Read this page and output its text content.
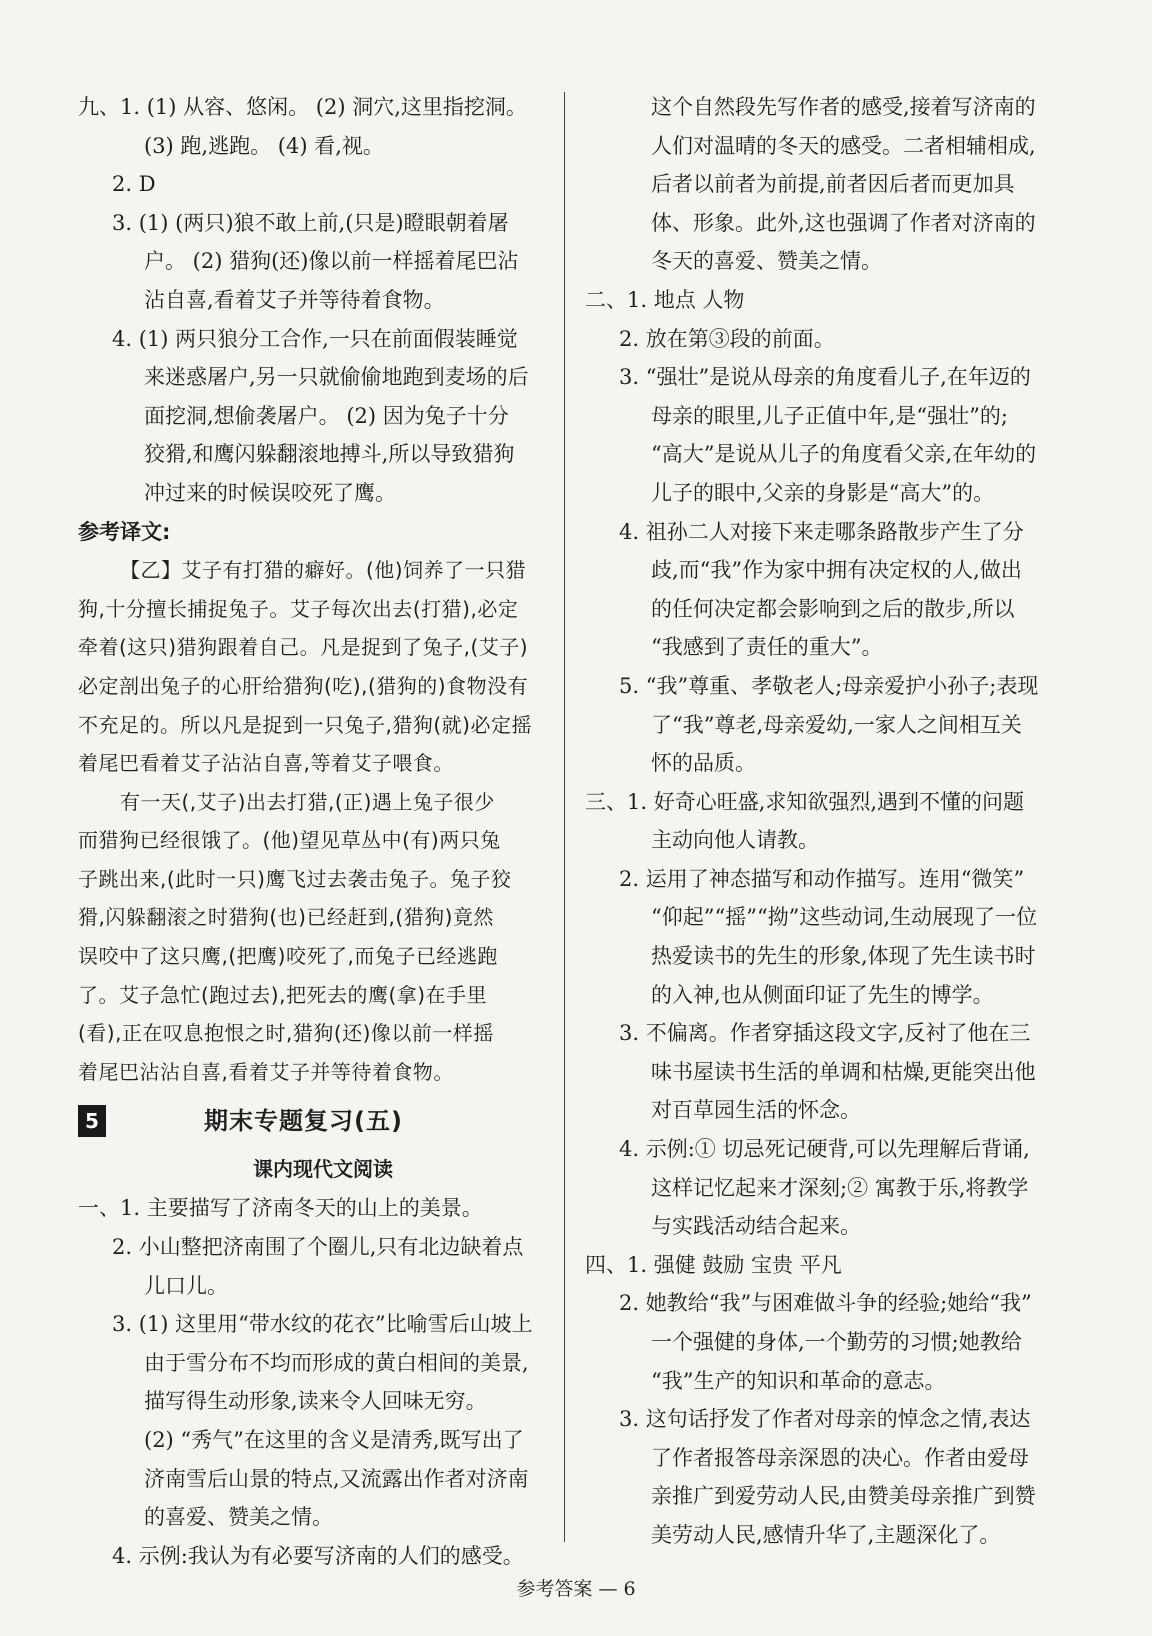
九、1. (1) 从容、悠闲。 (2) 洞穴,这里指挖洞。
(3) 跑,逃跑。 (4) 看,视。
2. D
3. (1) (两只)狼不敢上前,(只是)瞪眼朝着屠
户。 (2) 猎狗(还)像以前一样摇着尾巴沾
沾自喜,看着艾子并等待着食物。
4. (1) 两只狼分工合作,一只在前面假装睡觉
来迷惑屠户,另一只就偷偷地跑到麦场的后
面挖洞,想偷袭屠户。 (2) 因为兔子十分
狡猾,和鹰闪躲翻滚地搏斗,所以导致猎狗
冲过来的时候误咬死了鹰。
参考译文:
【乙】艾子有打猎的癖好。(他)饲养了一只猎
狗,十分擅长捕捉兔子。艾子每次出去(打猎),必定
牵着(这只)猎狗跟着自己。凡是捉到了兔子,(艾子)
必定剖出兔子的心肝给猎狗(吃),(猎狗的)食物没有
不充足的。所以凡是捉到一只兔子,猎狗(就)必定摇
着尾巴看着艾子沾沾自喜,等着艾子喂食。
有一天(,艾子)出去打猎,(正)遇上兔子很少
而猎狗已经很饿了。(他)望见草丛中(有)两只兔
子跳出来,(此时一只)鹰飞过去袭击兔子。兔子狡
猾,闪躲翻滚之时猎狗(也)已经赶到,(猎狗)竟然
误咬中了这只鹰,(把鹰)咬死了,而兔子已经逃跑
了。艾子急忙(跑过去),把死去的鹰(拿)在手里
(看),正在叹息抱恨之时,猎狗(还)像以前一样摇
着尾巴沾沾自喜,看着艾子并等待着食物。
5	期末专题复习(五)
课内现代文阅读
一、1. 主要描写了济南冬天的山上的美景。
2. 小山整把济南围了个圈儿,只有北边缺着点
儿口儿。
3. (1) 这里用“带水纹的花衣”比喻雪后山坡上
由于雪分布不均而形成的黄白相间的美景,
描写得生动形象,读来令人回味无穷。
(2) “秀气”在这里的含义是清秀,既写出了
济南雪后山景的特点,又流露出作者对济南
的喜爱、赞美之情。
4. 示例:我认为有必要写济南的人们的感受。
这个自然段先写作者的感受,接着写济南的
人们对温晴的冬天的感受。二者相辅相成,
后者以前者为前提,前者因后者而更加具
体、形象。此外,这也强调了作者对济南的
冬天的喜爱、赞美之情。
二、1. 地点 人物
2. 放在第③段的前面。
3. “强壮”是说从母亲的角度看儿子,在年迈的
母亲的眼里,儿子正值中年,是“强壮”的;
“高大”是说从儿子的角度看父亲,在年幼的
儿子的眼中,父亲的身影是“高大”的。
4. 祖孙二人对接下来走哪条路散步产生了分
歧,而“我”作为家中拥有决定权的人,做出
的任何决定都会影响到之后的散步,所以
“我感到了责任的重大”。
5. “我”尊重、孝敬老人;母亲爱护小孙子;表现
了“我”尊老,母亲爱幼,一家人之间相互关
怀的品质。
三、1. 好奇心旺盛,求知欲强烈,遇到不懂的问题
主动向他人请教。
2. 运用了神态描写和动作描写。连用“微笑”
“仰起”“摇”“拗”这些动词,生动展现了一位
热爱读书的先生的形象,体现了先生读书时
的入神,也从侧面印证了先生的博学。
3. 不偏离。作者穿插这段文字,反衬了他在三
味书屋读书生活的单调和枯燥,更能突出他
对百草园生活的怀念。
4. 示例:① 切忌死记硬背,可以先理解后背诵,
这样记忆起来才深刻;② 寓教于乐,将教学
与实践活动结合起来。
四、1. 强健 鼓励 宝贵 平凡
2. 她教给“我”与困难做斗争的经验;她给“我”
一个强健的身体,一个勤劳的习惯;她教给
“我”生产的知识和革命的意志。
3. 这句话抒发了作者对母亲的悼念之情,表达
了作者报答母亲深恩的决心。作者由爱母
亲推广到爱劳动人民,由赞美母亲推广到赞
美劳动人民,感情升华了,主题深化了。
参考答案 — 6
